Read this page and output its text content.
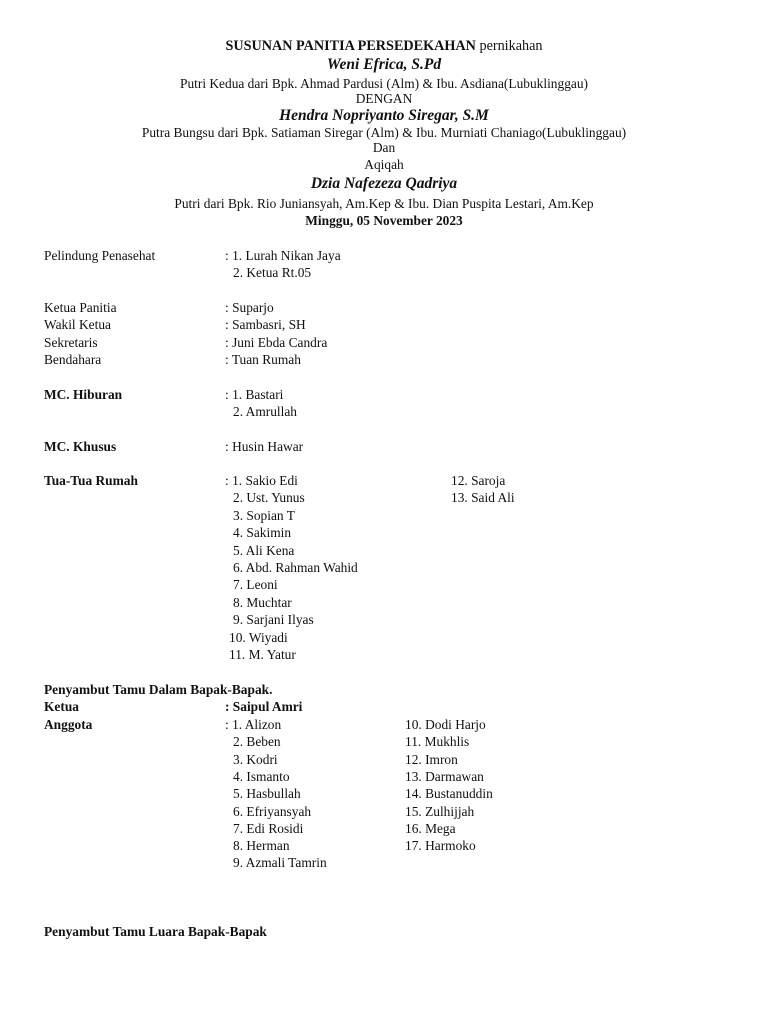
SUSUNAN PANITIA PERSEDEKAHAN pernikahan
Weni Efrica, S.Pd
Putri Kedua dari Bpk. Ahmad Pardusi (Alm) & Ibu. Asdiana(Lubuklinggau)
DENGAN
Hendra Nopriyanto Siregar, S.M
Putra Bungsu dari Bpk. Satiaman Siregar (Alm) & Ibu. Murniati Chaniago(Lubuklinggau)
Dan
Aqiqah
Dzia Nafezeza Qadriya
Putri dari Bpk. Rio Juniansyah, Am.Kep & Ibu. Dian Puspita Lestari, Am.Kep
Minggu, 05 November 2023
Pelindung Penasehat	: 1. Lurah Nikan Jaya
2. Ketua Rt.05
Ketua Panitia	: Suparjo
Wakil Ketua	: Sambasri, SH
Sekretaris	: Juni Ebda Candra
Bendahara	: Tuan Rumah
MC. Hiburan	: 1. Bastari
2. Amrullah
MC. Khusus	: Husin Hawar
Tua-Tua Rumah	: 1. Sakio Edi
2. Ust. Yunus
3. Sopian T
4. Sakimin
5. Ali Kena
6. Abd. Rahman Wahid
7. Leoni
8. Muchtar
9. Sarjani Ilyas
10. Wiyadi
11. M. Yatur
12. Saroja
13. Said Ali
Penyambut Tamu Dalam Bapak-Bapak.
Ketua	: Saipul Amri
Anggota	: 1. Alizon
2. Beben
3. Kodri
4. Ismanto
5. Hasbullah
6. Efriyansyah
7. Edi Rosidi
8. Herman
9. Azmali Tamrin
10. Dodi Harjo
11. Mukhlis
12. Imron
13. Darmawan
14. Bustanuddin
15. Zulhijjah
16. Mega
17. Harmoko
Penyambut Tamu Luara Bapak-Bapak
